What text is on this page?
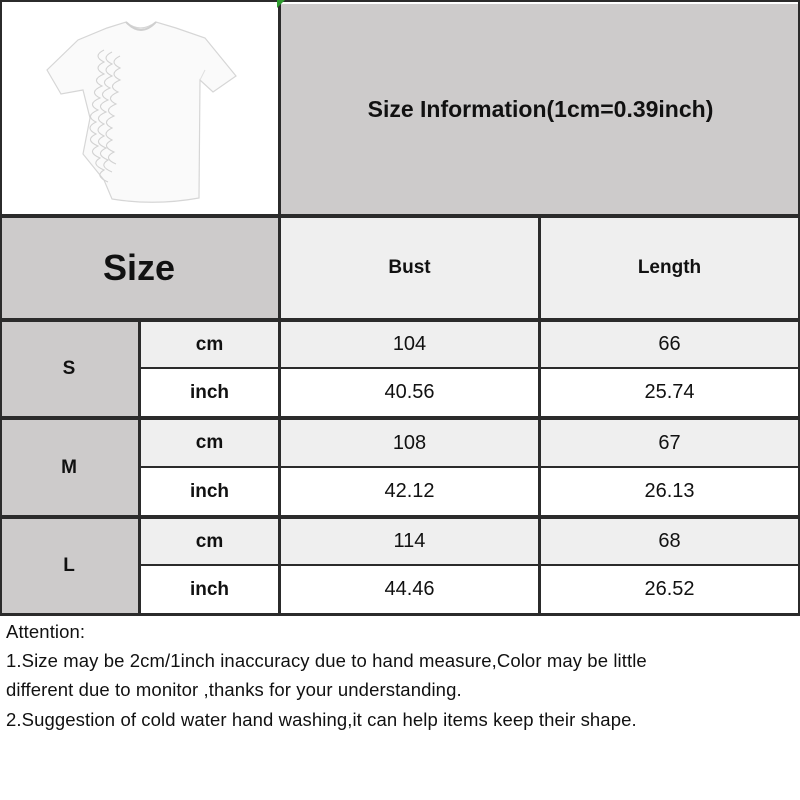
Size Information(1cm=0.39inch)
Size	Bust	Length
S
cm	104	66
inch	40.56	25.74
M
cm	108	67
inch	42.12	26.13
L
cm	114	68
inch	44.46	26.52
Attention:
1.Size may be 2cm/1inch inaccuracy due to hand measure,Color may be little
different due to monitor ,thanks for your understanding.
2.Suggestion of cold water hand washing,it can help items keep their shape.
